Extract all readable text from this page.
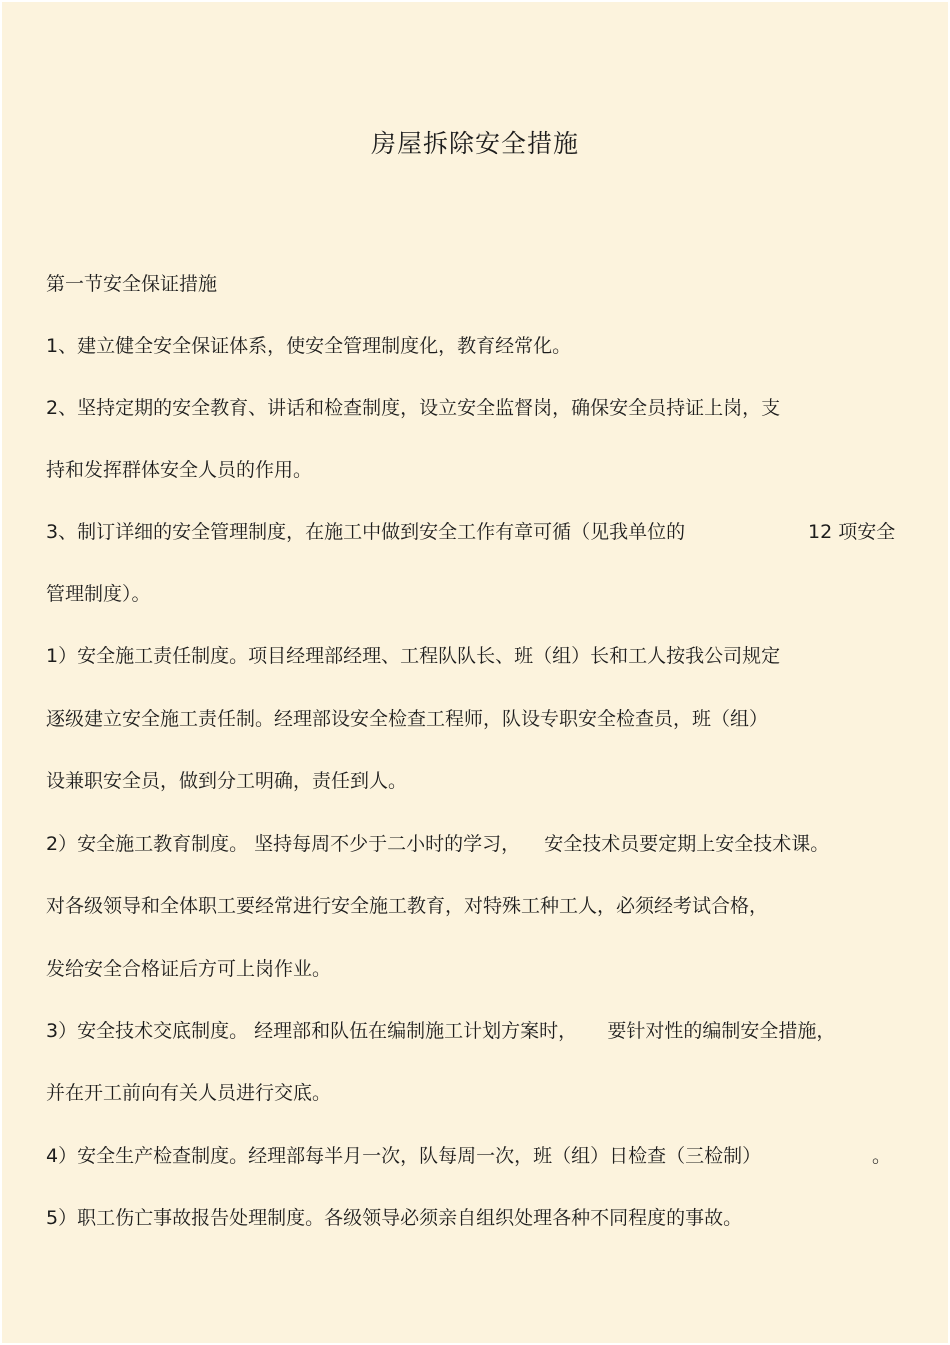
房屋拆除安全措施
第一节安全保证措施
1、建立健全安全保证体系，使安全管理制度化，教育经常化。
2、坚持定期的安全教育、讲话和检查制度，设立安全监督岗，确保安全员持证上岗，支
持和发挥群体安全人员的作用。
3、制订详细的安全管理制度，在施工中做到安全工作有章可循（见我单位的	12 项安全
管理制度）。
1）安全施工责任制度。项目经理部经理、工程队队长、班（组）长和工人按我公司规定
逐级建立安全施工责任制。经理部设安全检查工程师，队设专职安全检查员，班（组）
设兼职安全员，做到分工明确，责任到人。
2）安全施工教育制度。 坚持每周不少于二小时的学习，    安全技术员要定期上安全技术课。
对各级领导和全体职工要经常进行安全施工教育，对特殊工种工人，必须经考试合格，
发给安全合格证后方可上岗作业。
3）安全技术交底制度。 经理部和队伍在编制施工计划方案时，     要针对性的编制安全措施，
并在开工前向有关人员进行交底。
4）安全生产检查制度。经理部每半月一次，队每周一次，班（组）日检查（三检制）	。
5）职工伤亡事故报告处理制度。各级领导必须亲自组织处理各种不同程度的事故。
